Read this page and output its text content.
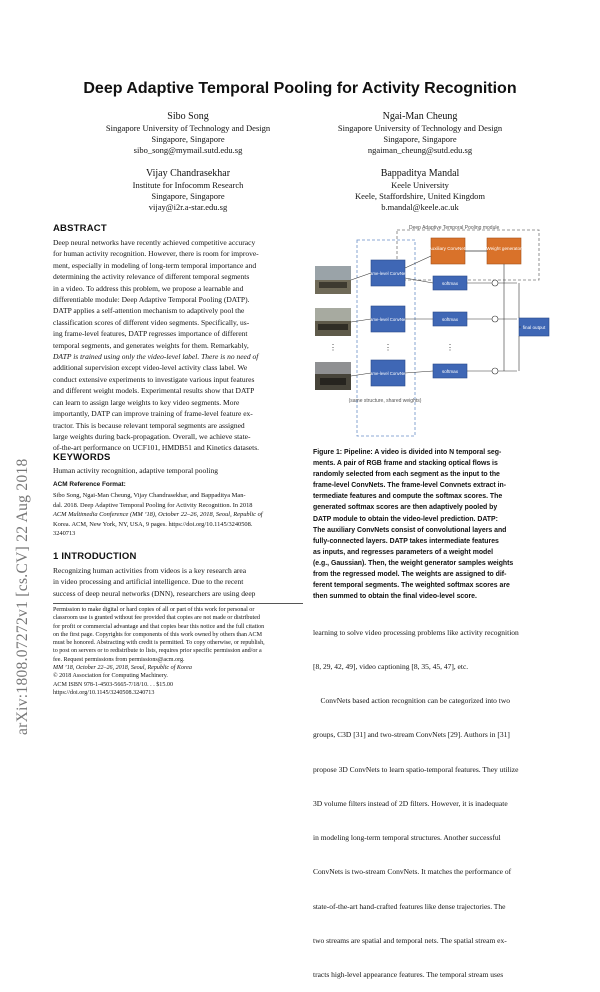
arXiv:1808.07272v1 [cs.CV] 22 Aug 2018
Deep Adaptive Temporal Pooling for Activity Recognition
Sibo Song
Singapore University of Technology and Design
Singapore, Singapore
sibo_song@mymail.sutd.edu.sg
Ngai-Man Cheung
Singapore University of Technology and Design
Singapore, Singapore
ngaiman_cheung@sutd.edu.sg
Vijay Chandrasekhar
Institute for Infocomm Research
Singapore, Singapore
vijay@i2r.a-star.edu.sg
Bappaditya Mandal
Keele University
Keele, Staffordshire, United Kingdom
b.mandal@keele.ac.uk
ABSTRACT

Deep neural networks have recently achieved competitive accuracy

for human activity recognition. However, there is room for improve-

ment, especially in modeling of long-term temporal importance and

determining the activity relevance of different temporal segments

in a video. To address this problem, we propose a learnable and

differentiable module: Deep Adaptive Temporal Pooling (DATP).

DATP applies a self-attention mechanism to adaptively pool the

classification scores of different video segments. Specifically, us-

ing frame-level features, DATP regresses importance of different

temporal segments, and generates weights for them. Remarkably,

DATP is trained using only the video-level label. There is no need of

additional supervision except video-level activity class label. We

conduct extensive experiments to investigate various input features

and different weight models. Experimental results show that DATP

can learn to assign large weights to key video segments. More

importantly, DATP can improve training of frame-level feature ex-

tractor. This is because relevant temporal segments are assigned

large weights during back-propagation. Overall, we achieve state-

of-the-art performance on UCF101, HMDB51 and Kinetics datasets.

KEYWORDS
Human activity recognition, adaptive temporal pooling
ACM Reference Format:
Sibo Song, Ngai-Man Cheung, Vijay Chandrasekhar, and Bappaditya Man-
dal. 2018. Deep Adaptive Temporal Pooling for Activity Recognition. In 2018
ACM Multimedia Conference (MM ’18), October 22–26, 2018, Seoul, Republic of
Korea. ACM, New York, NY, USA, 9 pages. https://doi.org/10.1145/3240508.
3240713
1 INTRODUCTION

Recognizing human activities from videos is a key research area

in video processing and artificial intelligence. Due to the recent

success of deep neural networks (DNN), researchers are using deep

Permission to make digital or hard copies of all or part of this work for personal or
classroom use is granted without fee provided that copies are not made or distributed
for profit or commercial advantage and that copies bear this notice and the full citation
on the first page. Copyrights for components of this work owned by others than ACM
must be honored. Abstracting with credit is permitted. To copy otherwise, or republish,
to post on servers or to redistribute to lists, requires prior specific permission and/or a
fee. Request permissions from permissions@acm.org.
MM ’18, October 22–26, 2018, Seoul, Republic of Korea
© 2018 Association for Computing Machinery.
ACM ISBN 978-1-4503-5665-7/18/10. . . $15.00
https://doi.org/10.1145/3240508.3240713
Deep Adaptive Temporal Pooling module
Auxiliary ConvNets	Weight generator
frame-level ConvNets
frame-level ConvNets
frame-level ConvNets
softmax
softmax
softmax
final output
⋮	⋮	⋮
(same structure, shared weights)
Figure 1: Pipeline: A video is divided into N temporal seg-
ments. A pair of RGB frame and stacking optical flows is
randomly selected from each segment as the input to the
frame-level ConvNets. The frame-level Convnets extract in-
termediate features and compute the softmax scores. The
generated softmax scores are then adaptively pooled by
DATP module to obtain the video-level prediction. DATP:
The auxiliary ConvNets consist of convolutional layers and
fully-connected layers. DATP takes intermediate features
as inputs, and regresses parameters of a weight model
(e.g., Gaussian). Then, the weight generator samples weights
from the regressed model. The weights are assigned to dif-
ferent temporal segments. The weighted softmax scores are
then summed to obtain the final video-level score.

learning to solve video processing problems like activity recognition

[8, 29, 42, 49], video captioning [8, 35, 45, 47], etc.

ConvNets based action recognition can be categorized into two

groups, C3D [31] and two-stream ConvNets [29]. Authors in [31]

propose 3D ConvNets to learn spatio-temporal features. They utilize

3D volume filters instead of 2D filters. However, it is inadequate

in modeling long-term temporal structures. Another successful

ConvNets is two-stream ConvNets. It matches the performance of

state-of-the-art hand-crafted features like dense trajectories. The

two streams are spatial and temporal nets. The spatial stream ex-

tracts high-level appearance features. The temporal stream uses
